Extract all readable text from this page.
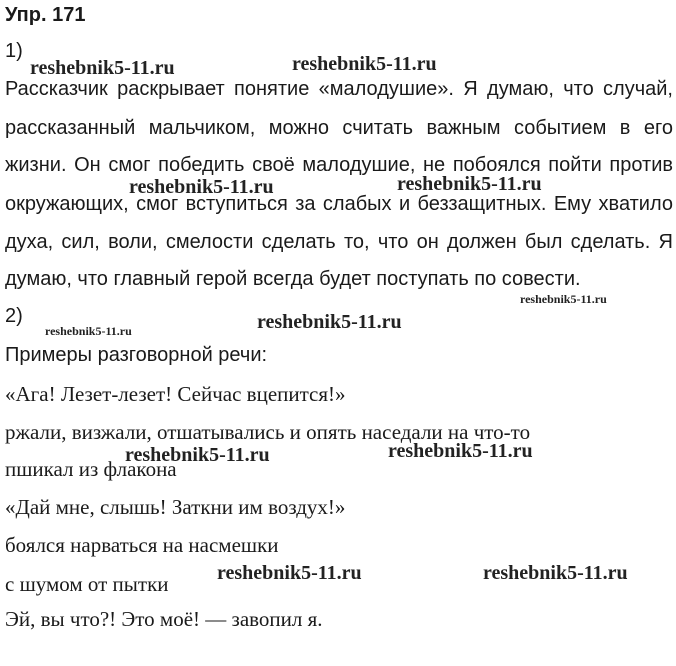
Упр. 171
1)
Рассказчик раскрывает понятие «малодушие». Я думаю, что случай,
рассказанный мальчиком, можно считать важным событием в его
жизни. Он смог победить своё малодушие, не побоялся пойти против
окружающих, смог вступиться за слабых и беззащитных. Ему хватило
духа, сил, воли, смелости сделать то, что он должен был сделать. Я
думаю, что главный герой всегда будет поступать по совести.
2)
Примеры разговорной речи:
«Ага! Лезет-лезет! Сейчас вцепится!»
ржали, визжали, отшатывались и опять наседали на что-то
пшикал из флакона
«Дай мне, слышь! Заткни им воздух!»
боялся нарваться на насмешки
с шумом от пытки
Эй, вы что?! Это моё! — завопил я.
reshebnik5-11.ru	reshebnik5-11.ru
reshebnik5-11.ru	reshebnik5-11.ru
reshebnik5-11.ru
reshebnik5-11.ru	reshebnik5-11.ru
reshebnik5-11.ru	reshebnik5-11.ru
reshebnik5-11.ru	reshebnik5-11.ru
